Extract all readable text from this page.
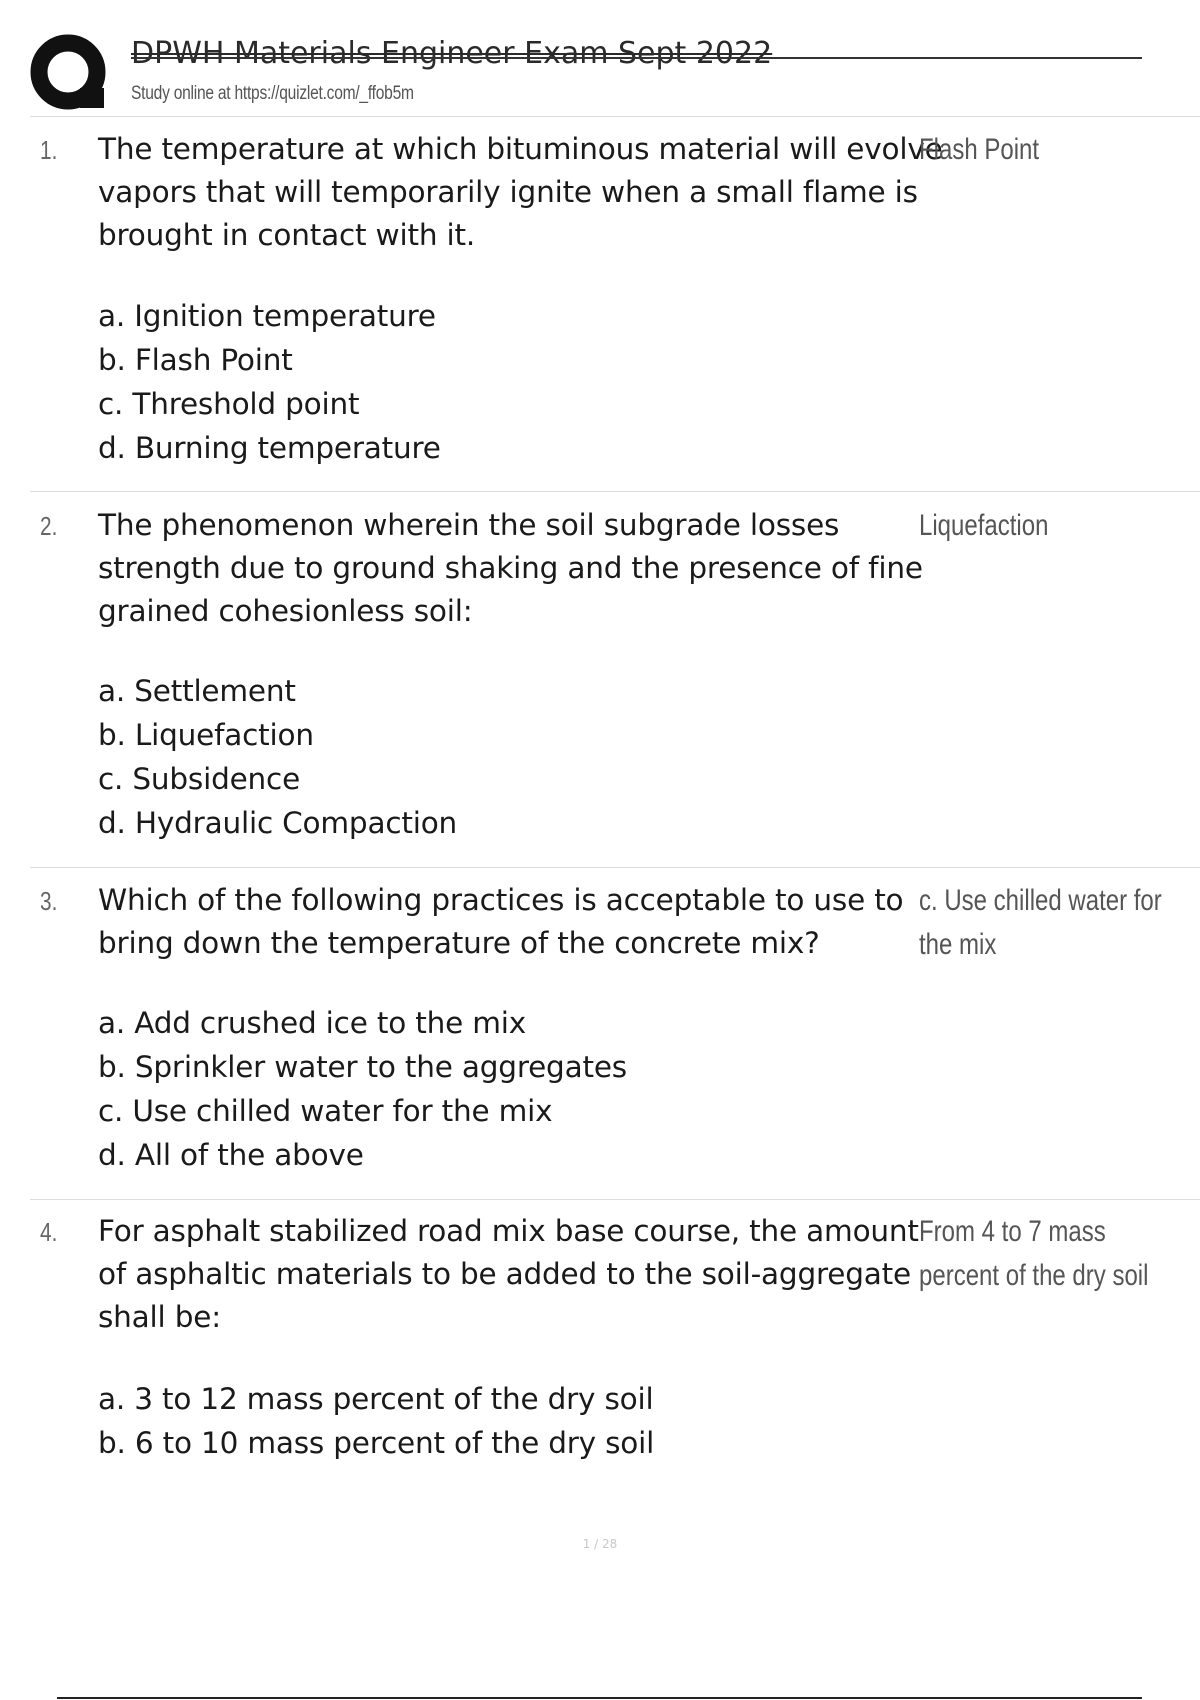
DPWH Materials Engineer Exam Sept 2022
Study online at https://quizlet.com/_ffob5m
1. The temperature at which bituminous material will evolve vapors that will temporarily ignite when a small flame is brought in contact with it.
a. Ignition temperature
b. Flash Point
c. Threshold point
d. Burning temperature
Flash Point
2. The phenomenon wherein the soil subgrade losses strength due to ground shaking and the presence of fine grained cohesionless soil:
a. Settlement
b. Liquefaction
c. Subsidence
d. Hydraulic Compaction
Liquefaction
3. Which of the following practices is acceptable to use to bring down the temperature of the concrete mix?
a. Add crushed ice to the mix
b. Sprinkler water to the aggregates
c. Use chilled water for the mix
d. All of the above
c. Use chilled water for the mix
4. For asphalt stabilized road mix base course, the amount of asphaltic materials to be added to the soil-aggregate shall be:
a. 3 to 12 mass percent of the dry soil
b. 6 to 10 mass percent of the dry soil
From 4 to 7 mass percent of the dry soil
1 / 28
